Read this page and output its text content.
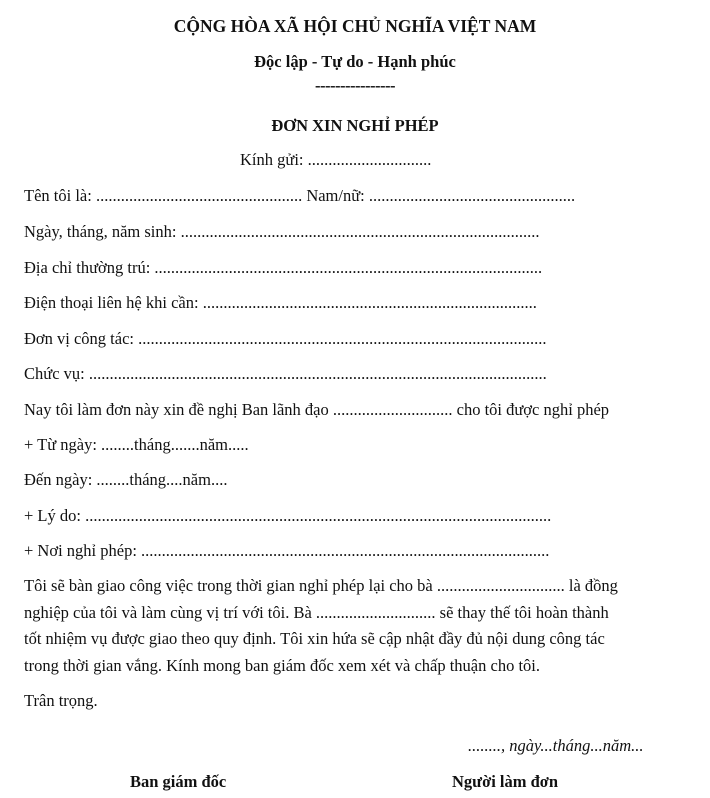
CỘNG HÒA XÃ HỘI CHỦ NGHĨA VIỆT NAM
Độc lập - Tự do - Hạnh phúc
----------------
ĐƠN XIN NGHỈ PHÉP
Kính gửi: ..............................
Tên tôi là: .................................................. Nam/nữ: ..................................................
Ngày, tháng, năm sinh: .......................................................................................
Địa chỉ thường trú: ..............................................................................................
Điện thoại liên hệ khi cần: .................................................................................
Đơn vị công tác: ...................................................................................................
Chức vụ: ...............................................................................................................
Nay tôi làm đơn này xin đề nghị Ban lãnh đạo ............................. cho tôi được nghỉ phép
+ Từ ngày: ........tháng.......năm.....
Đến ngày: ........tháng....năm....
+ Lý do: .................................................................................................................
+ Nơi nghỉ phép: ...................................................................................................
Tôi sẽ bàn giao công việc trong thời gian nghỉ phép lại cho bà ............................... là đồng
nghiệp của tôi và làm cùng vị trí với tôi. Bà ............................. sẽ thay thế tôi hoàn thành
tốt nhiệm vụ được giao theo quy định. Tôi xin hứa sẽ cập nhật đầy đủ nội dung công tác
trong thời gian vắng. Kính mong ban giám đốc xem xét và chấp thuận cho tôi.
Trân trọng.
........, ngày...tháng...năm...
Ban giám đốc	Người làm đơn
